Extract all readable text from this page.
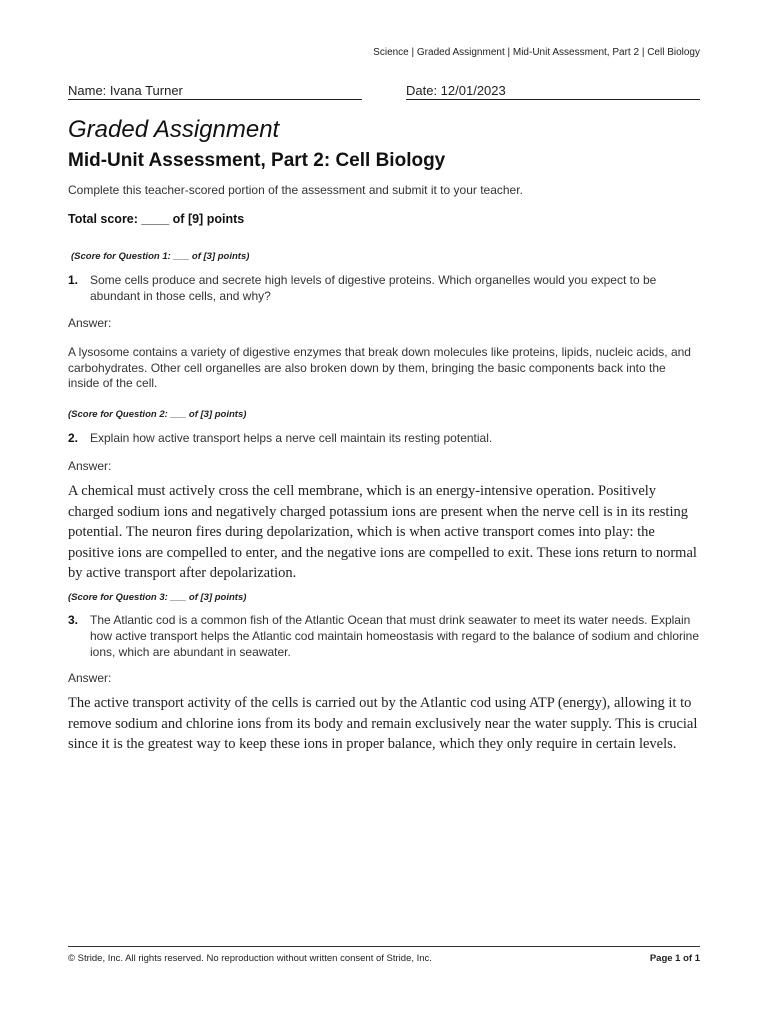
Science | Graded Assignment | Mid-Unit Assessment, Part 2 | Cell Biology
Name: Ivana Turner	Date: 12/01/2023
Graded Assignment
Mid-Unit Assessment, Part 2: Cell Biology
Complete this teacher-scored portion of the assessment and submit it to your teacher.
Total score: ____ of [9] points
(Score for Question 1: ___ of [3] points)
1. Some cells produce and secrete high levels of digestive proteins. Which organelles would you expect to be abundant in those cells, and why?
Answer:
A lysosome contains a variety of digestive enzymes that break down molecules like proteins, lipids, nucleic acids, and carbohydrates. Other cell organelles are also broken down by them, bringing the basic components back into the inside of the cell.
(Score for Question 2: ___ of [3] points)
2. Explain how active transport helps a nerve cell maintain its resting potential.
Answer:
A chemical must actively cross the cell membrane, which is an energy-intensive operation. Positively charged sodium ions and negatively charged potassium ions are present when the nerve cell is in its resting potential. The neuron fires during depolarization, which is when active transport comes into play: the positive ions are compelled to enter, and the negative ions are compelled to exit. These ions return to normal by active transport after depolarization.
(Score for Question 3: ___ of [3] points)
3. The Atlantic cod is a common fish of the Atlantic Ocean that must drink seawater to meet its water needs. Explain how active transport helps the Atlantic cod maintain homeostasis with regard to the balance of sodium and chlorine ions, which are abundant in seawater.
Answer:
The active transport activity of the cells is carried out by the Atlantic cod using ATP (energy), allowing it to remove sodium and chlorine ions from its body and remain exclusively near the water supply. This is crucial since it is the greatest way to keep these ions in proper balance, which they only require in certain levels.
© Stride, Inc. All rights reserved. No reproduction without written consent of Stride, Inc.	Page 1 of 1
